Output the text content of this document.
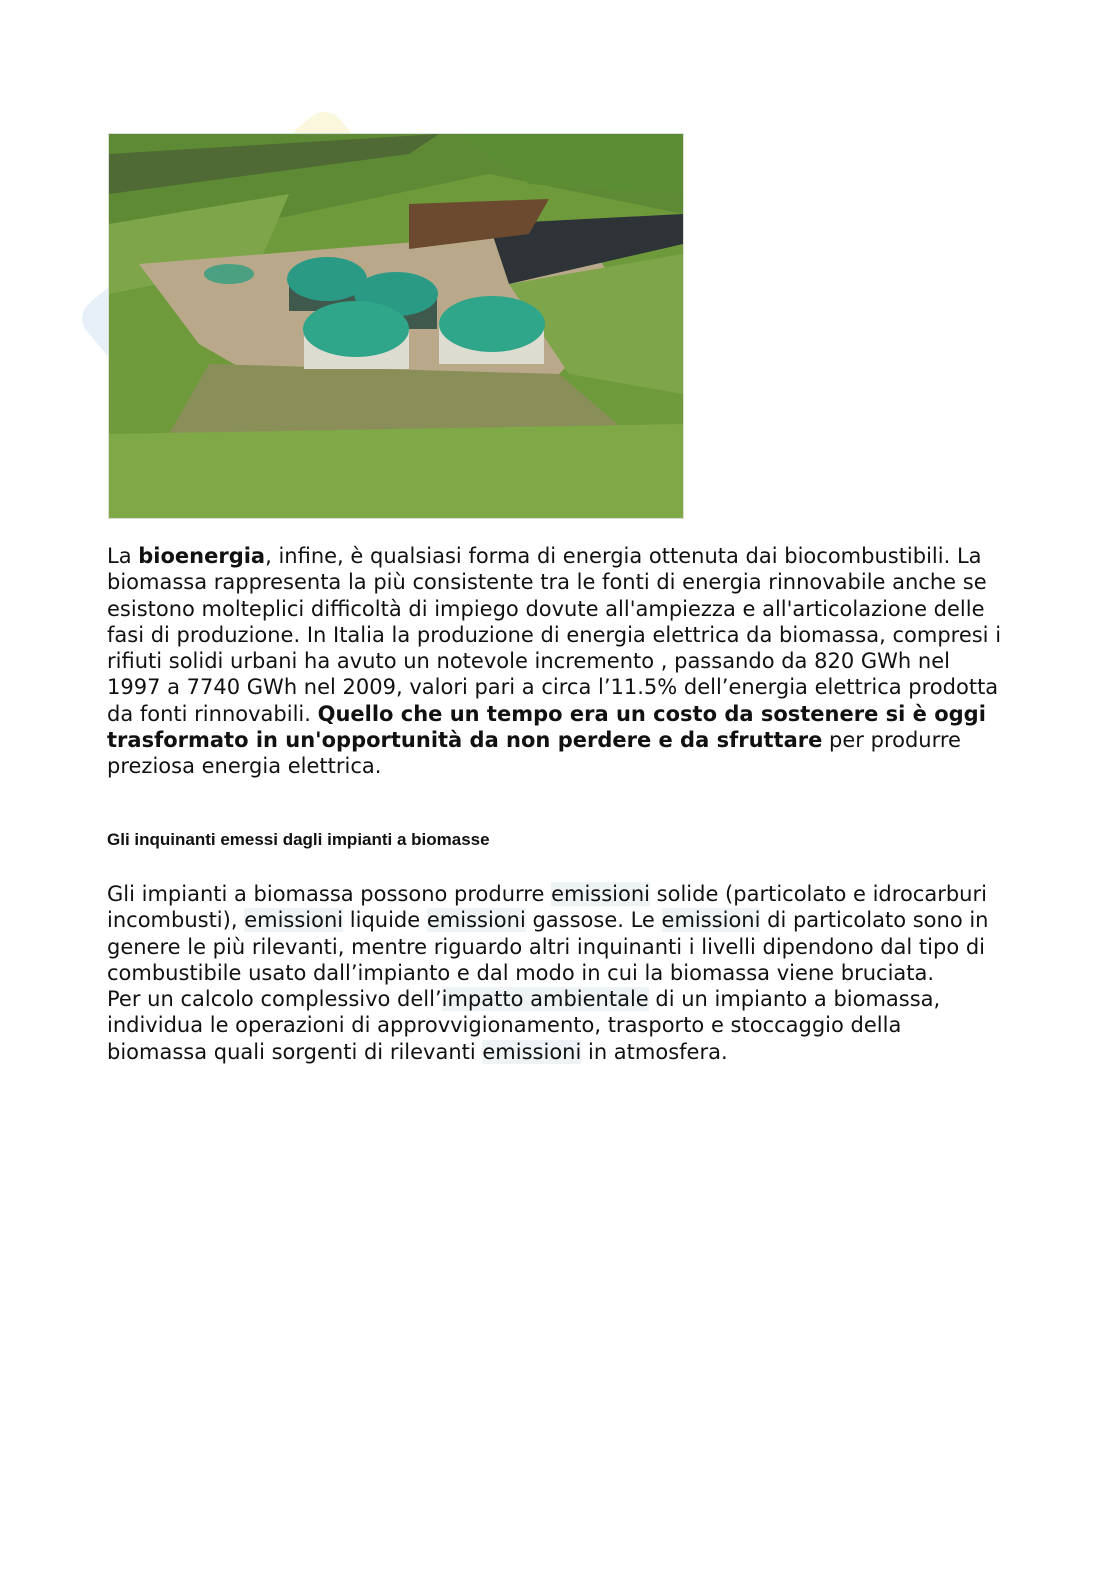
La bioenergia, infine, è qualsiasi forma di energia ottenuta dai biocombustibili. La biomassa rappresenta la più consistente tra le fonti di energia rinnovabile anche se esistono molteplici difficoltà di impiego dovute all'ampiezza e all'articolazione delle fasi di produzione. In Italia la produzione di energia elettrica da biomassa, compresi i rifiuti solidi urbani ha avuto un notevole incremento , passando da 820 GWh nel 1997 a 7740 GWh nel 2009, valori pari a circa l’11.5% dell’energia elettrica prodotta da fonti rinnovabili. Quello che un tempo era un costo da sostenere si è oggi trasformato in un'opportunità da non perdere e da sfruttare per produrre preziosa energia elettrica.

Gli inquinanti emessi dagli impianti a biomasse

Gli impianti a biomassa possono produrre emissioni solide (particolato e idrocarburi incombusti), emissioni liquide emissioni gassose. Le emissioni di particolato sono in genere le più rilevanti, mentre riguardo altri inquinanti i livelli dipendono dal tipo di combustibile usato dall’impianto e dal modo in cui la biomassa viene bruciata.
Per un calcolo complessivo dell’impatto ambientale di un impianto a biomassa, individua le operazioni di approvvigionamento, trasporto e stoccaggio della biomassa quali sorgenti di rilevanti emissioni in atmosfera.
